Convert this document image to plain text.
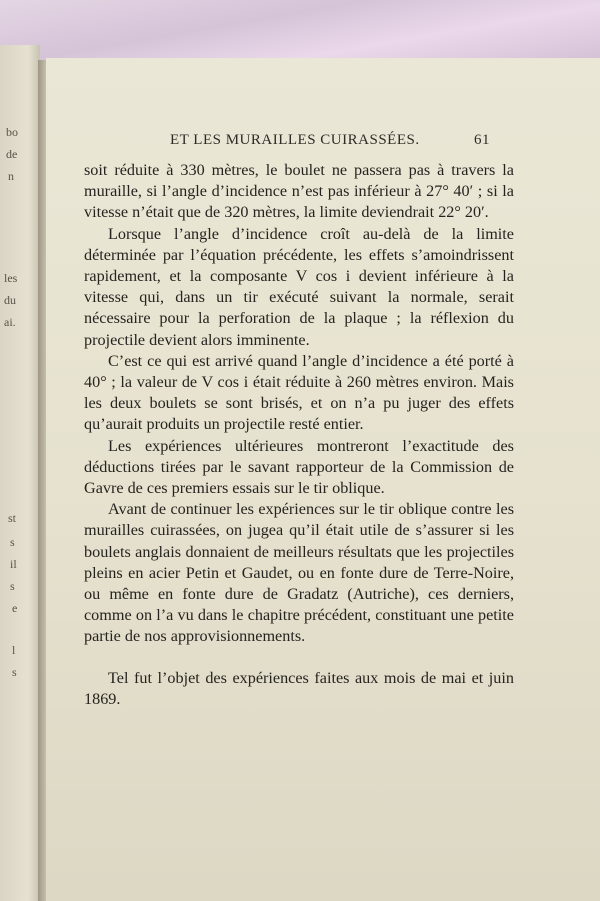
bo
de
n
les
du
ai.
st
s
il
s
e
l
s
ET LES MURAILLES CUIRASSÉES.	61

soit réduite à 330 mètres, le boulet ne passera pas à travers la muraille, si l’angle d’incidence n’est pas inférieur à 27° 40′ ; si la vitesse n’était que de 320 mètres, la limite deviendrait 22° 20′.

Lorsque l’angle d’incidence croît au-delà de la limite déterminée par l’équation précédente, les effets s’amoindrissent rapidement, et la composante V cos i devient inférieure à la vitesse qui, dans un tir exécuté suivant la normale, serait nécessaire pour la perforation de la plaque ; la réflexion du projectile devient alors imminente.

C’est ce qui est arrivé quand l’angle d’incidence a été porté à 40° ; la valeur de V cos i était réduite à 260 mètres environ. Mais les deux boulets se sont brisés, et on n’a pu juger des effets qu’aurait produits un projectile resté entier.

Les expériences ultérieures montreront l’exactitude des déductions tirées par le savant rapporteur de la Commission de Gavre de ces premiers essais sur le tir oblique.

Avant de continuer les expériences sur le tir oblique contre les murailles cuirassées, on jugea qu’il était utile de s’assurer si les boulets anglais donnaient de meilleurs résultats que les projectiles pleins en acier Petin et Gaudet, ou en fonte dure de Terre-Noire, ou même en fonte dure de Gradatz (Autriche), ces derniers, comme on l’a vu dans le chapitre précédent, constituant une petite partie de nos approvisionnements.

Tel fut l’objet des expériences faites aux mois de mai et juin 1869.
